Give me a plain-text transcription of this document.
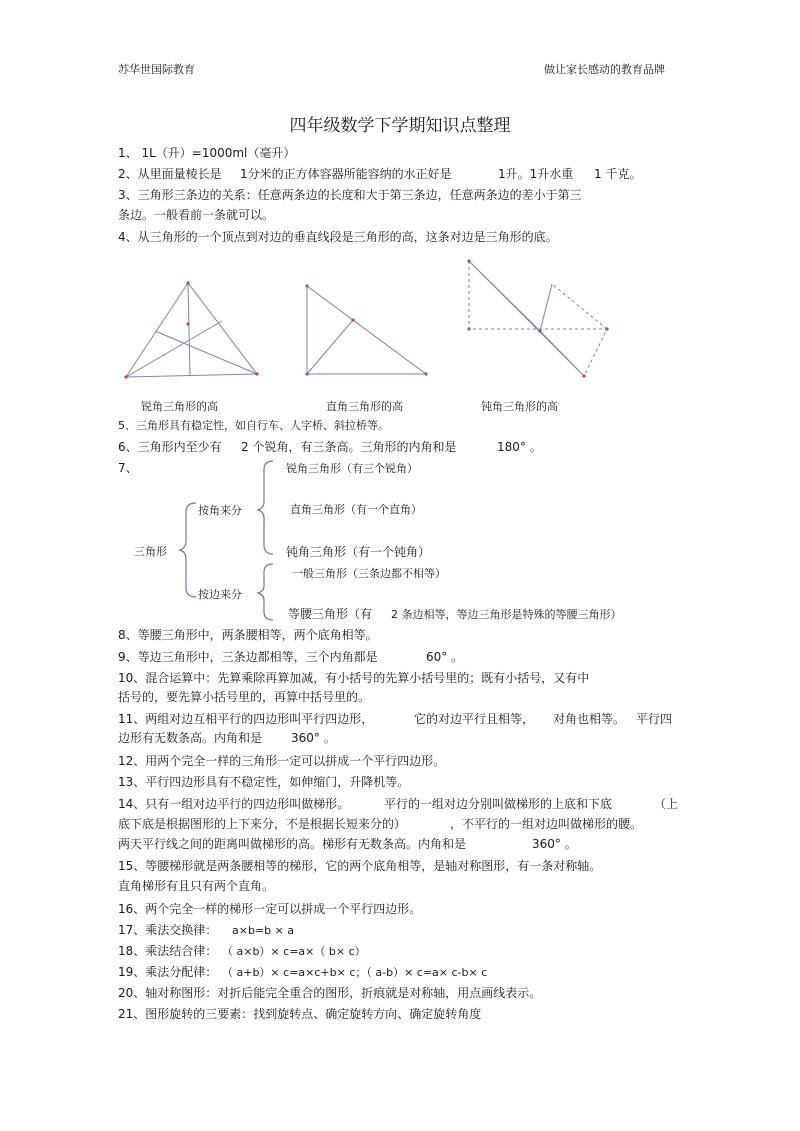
苏华世国际教育	做让家长感动的教育品牌
四年级数学下学期知识点整理
1、 1L（升）=1000ml（毫升）
2、从里面量棱长是 1分米的正方体容器所能容纳的水正好是	1升。1升水重 1 千克。
3、三角形三条边的关系：任意两条边的长度和大于第三条边，任意两条边的差小于第三
条边。一般看前一条就可以。
4、从三角形的一个顶点到对边的垂直线段是三角形的高，这条对边是三角形的底。
锐角三角形的高	直角三角形的高	钝角三角形的高
5、三角形具有稳定性，如自行车、人字桥、斜拉桥等。
6、三角形内至少有 2 个锐角，有三条高。三角形的内角和是	180° 。
7、
三角形
按角来分
按边来分
锐角三角形（有三个锐角）
直角三角形（有一个直角）
钝角三角形（有一个钝角）
一般三角形（三条边都不相等）
等腰三角形（有 2 条边相等，等边三角形是特殊的等腰三角形）
8、等腰三角形中，两条腰相等，两个底角相等。
9、等边三角形中，三条边都相等，三个内角都是	60° 。
10、混合运算中：先算乘除再算加减，有小括号的先算小括号里的；既有小括号，又有中
括号的，要先算小括号里的，再算中括号里的。
11、两组对边互相平行的四边形叫平行四边形，	它的对边平行且相等， 对角也相等。 平行四
边形有无数条高。内角和是 360° 。
12、用两个完全一样的三角形一定可以拼成一个平行四边形。
13、平行四边形具有不稳定性，如伸缩门，升降机等。
14、只有一组对边平行的四边形叫做梯形。	平行的一组对边分别叫做梯形的上底和下底	（上
底下底是根据图形的上下来分，不是根据长短来分的）	，不平行的一组对边叫做梯形的腰。
两天平行线之间的距离叫做梯形的高。梯形有无数条高。内角和是	360° 。
15、等腰梯形就是两条腰相等的梯形，它的两个底角相等，是轴对称图形，有一条对称轴。
直角梯形有且只有两个直角。
16、两个完全一样的梯形一定可以拼成一个平行四边形。
17、乘法交换律： a×b=b × a
18、乘法结合律： （ a×b）× c=a×（ b× c）
19、乘法分配律： （ a+b）× c=a×c+b× c；（ a-b）× c=a× c-b× c
20、轴对称图形：对折后能完全重合的图形，折痕就是对称轴，用点画线表示。
21、图形旋转的三要素：找到旋转点、确定旋转方向、确定旋转角度
